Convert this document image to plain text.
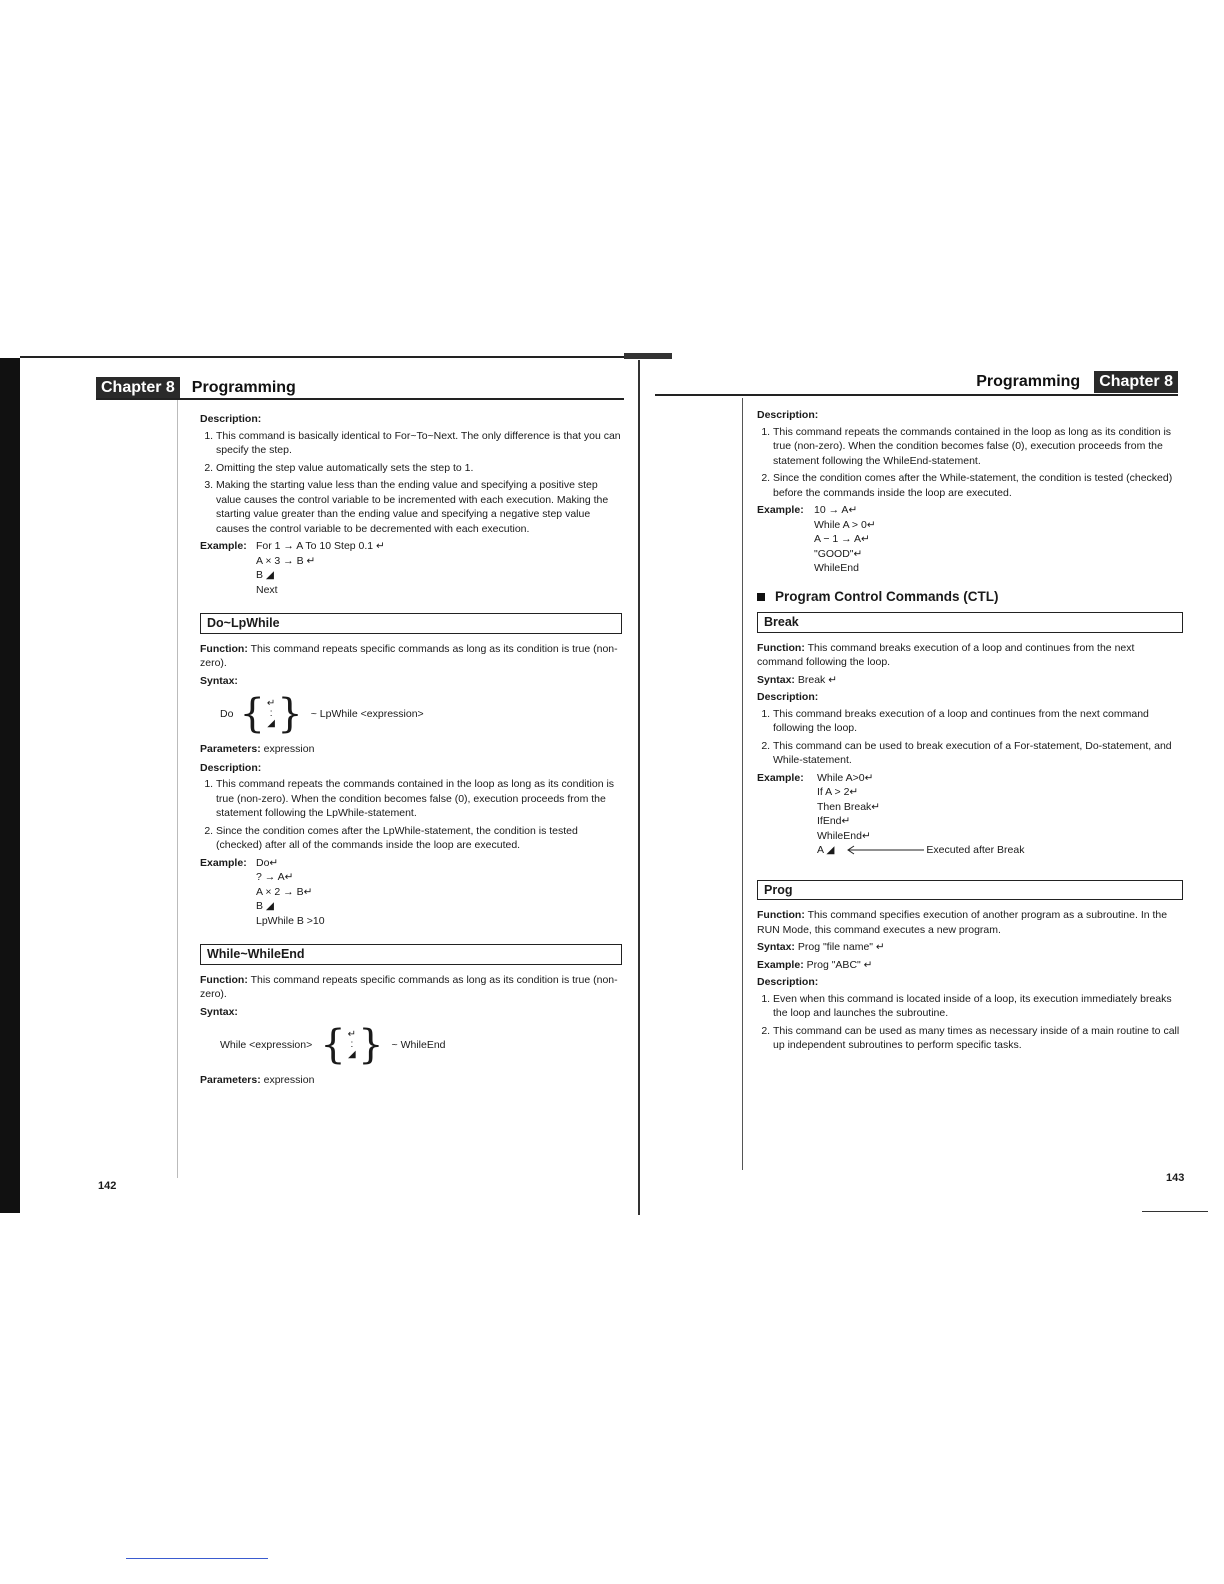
Chapter 8	Programming

Description:

1. This command is basically identical to For~To~Next. The only difference is that you can specify the step.
2. Omitting the step value automatically sets the step to 1.
3. Making the starting value less than the ending value and specifying a positive step value causes the control variable to be incremented with each execution. Making the starting value greater than the ending value and specifying a negative step value causes the control variable to be decremented with each execution.
Example: For 1 → A To 10 Step 0.1 ↵
A × 3 → B ↵
B ◢
Next
Do~LpWhile

Function: This command repeats specific commands as long as its condition is true (non-zero).

Syntax:

Do { ↵
:
◢ } ~ LpWhile <expression>

Parameters: expression

Description:

1. This command repeats the commands contained in the loop as long as its condition is true (non-zero). When the condition becomes false (0), execution proceeds from the statement following the LpWhile-statement.
2. Since the condition comes after the LpWhile-statement, the condition is tested (checked) after all of the commands inside the loop are executed.
Example: Do↵
? → A↵
A × 2 → B↵
B ◢
LpWhile B >10
While~WhileEnd

Function: This command repeats specific commands as long as its condition is true (non-zero).

Syntax:

While <expression> { ↵
:
◢ } ~ WhileEnd

Parameters: expression

142
Programming	Chapter 8

Description:

1. This command repeats the commands contained in the loop as long as its condition is true (non-zero). When the condition becomes false (0), execution proceeds from the statement following the WhileEnd-statement.
2. Since the condition comes after the While-statement, the condition is tested (checked) before the commands inside the loop are executed.
Example: 10 → A↵
While A > 0↵
A − 1 → A↵
"GOOD"↵
WhileEnd
Program Control Commands (CTL)
Break

Function: This command breaks execution of a loop and continues from the next command following the loop.

Syntax: Break ↵

Description:

1. This command breaks execution of a loop and continues from the next command following the loop.
2. This command can be used to break execution of a For-statement, Do-statement, and While-statement.
Example:	While A>0↵
If A > 2↵
Then Break↵
IfEnd↵
WhileEnd↵
A ◢	Executed after Break
Prog

Function: This command specifies execution of another program as a subroutine. In the RUN Mode, this command executes a new program.

Syntax: Prog "file name" ↵

Example: Prog "ABC" ↵

Description:

1. Even when this command is located inside of a loop, its execution immediately breaks the loop and launches the subroutine.
2. This command can be used as many times as necessary inside of a main routine to call up independent subroutines to perform specific tasks.
143
